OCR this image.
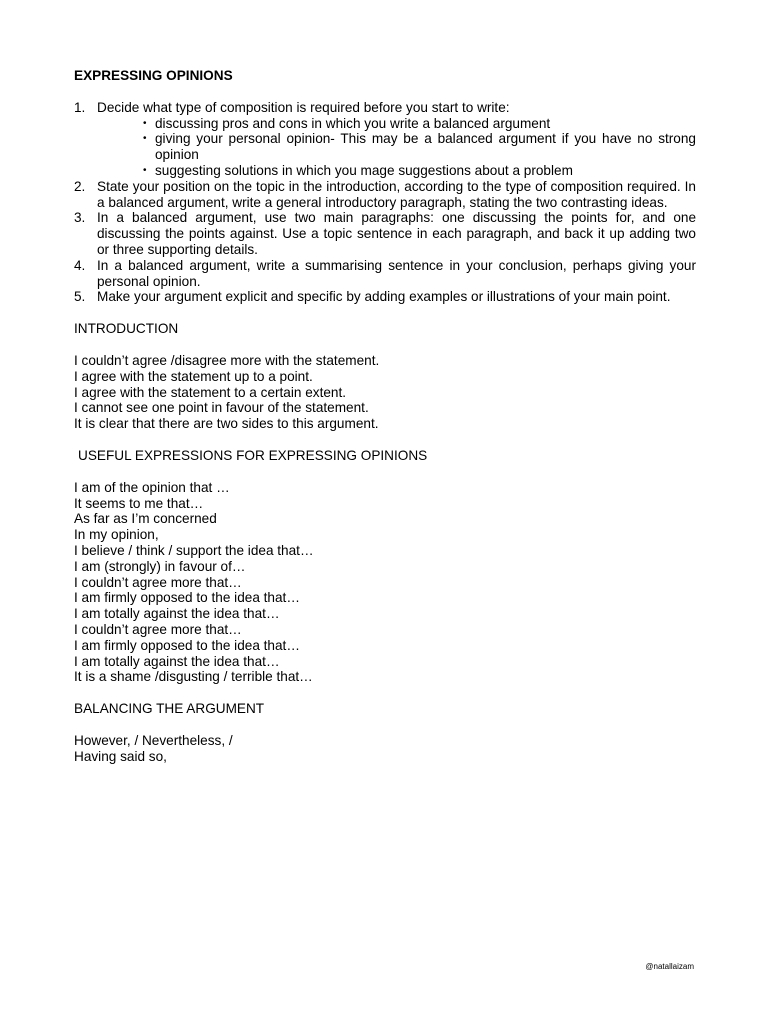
EXPRESSING OPINIONS
1. Decide what type of composition is required before you start to write:
• discussing pros and cons in which you write a balanced argument
• giving your personal opinion- This may be a balanced argument if you have no strong opinion
• suggesting solutions in which you mage suggestions about a problem
2. State your position on the topic in the introduction, according to the type of composition required. In a balanced argument, write a general introductory paragraph, stating the two contrasting ideas.
3. In a balanced argument, use two main paragraphs: one discussing the points for, and one discussing the points against. Use a topic sentence in each paragraph, and back it up adding two or three supporting details.
4. In a balanced argument, write a summarising sentence in your conclusion, perhaps giving your personal opinion.
5. Make your argument explicit and specific by adding examples or illustrations of your main point.
INTRODUCTION
I couldn’t agree /disagree more with the statement.
I agree with the statement up to a point.
I agree with the statement to a certain extent.
I cannot see one point in favour of the statement.
It is clear that there are two sides to this argument.
USEFUL EXPRESSIONS FOR EXPRESSING OPINIONS
I am of the opinion that …
It seems to me that…
As far as I’m concerned
In my opinion,
I believe / think / support the idea that…
I am (strongly) in favour of…
I couldn’t agree more that…
I am firmly opposed to the idea that…
I am totally against the idea that…
I couldn’t agree more that…
I am firmly opposed to the idea that…
I am totally against the idea that…
It is a shame /disgusting / terrible that…
BALANCING THE ARGUMENT
However, / Nevertheless, /
Having said so,
@natallaizam
